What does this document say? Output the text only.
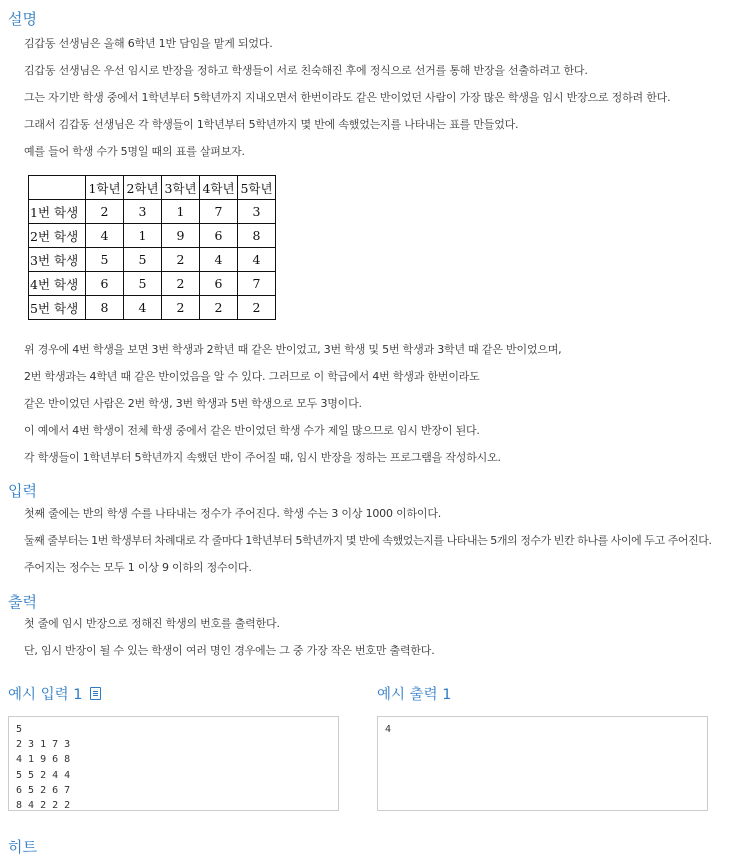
설명
김갑동 선생님은 올해 6학년 1반 담임을 맡게 되었다.
김갑동 선생님은 우선 임시로 반장을 정하고 학생들이 서로 친숙해진 후에 정식으로 선거를 통해 반장을 선출하려고 한다.
그는 자기반 학생 중에서 1학년부터 5학년까지 지내오면서 한번이라도 같은 반이었던 사람이 가장 많은 학생을 임시 반장으로 정하려 한다.
그래서 김갑동 선생님은 각 학생들이 1학년부터 5학년까지 몇 반에 속했었는지를 나타내는 표를 만들었다.
예를 들어 학생 수가 5명일 때의 표를 살펴보자.
	1학년	2학년	3학년	4학년	5학년
1번 학생	2	3	1	7	3
2번 학생	4	1	9	6	8
3번 학생	5	5	2	4	4
4번 학생	6	5	2	6	7
5번 학생	8	4	2	2	2
위 경우에 4번 학생을 보면 3번 학생과 2학년 때 같은 반이었고, 3번 학생 및 5번 학생과 3학년 때 같은 반이었으며,
2번 학생과는 4학년 때 같은 반이었음을 알 수 있다. 그러므로 이 학급에서 4번 학생과 한번이라도
같은 반이었던 사람은 2번 학생, 3번 학생과 5번 학생으로 모두 3명이다.
이 예에서 4번 학생이 전체 학생 중에서 같은 반이었던 학생 수가 제일 많으므로 임시 반장이 된다.
각 학생들이 1학년부터 5학년까지 속했던 반이 주어질 때, 임시 반장을 정하는 프로그램을 작성하시오.
입력
첫째 줄에는 반의 학생 수를 나타내는 정수가 주어진다. 학생 수는 3 이상 1000 이하이다.
둘째 줄부터는 1번 학생부터 차례대로 각 줄마다 1학년부터 5학년까지 몇 반에 속했었는지를 나타내는 5개의 정수가 빈칸 하나를 사이에 두고 주어진다.
주어지는 정수는 모두 1 이상 9 이하의 정수이다.
출력
첫 줄에 임시 반장으로 정해진 학생의 번호를 출력한다.
단, 임시 반장이 될 수 있는 학생이 여러 명인 경우에는 그 중 가장 작은 번호만 출력한다.
예시 입력 1	예시 출력 1
5
2 3 1 7 3
4 1 9 6 8
5 5 2 4 4
6 5 2 6 7
8 4 2 2 2
4
히트
